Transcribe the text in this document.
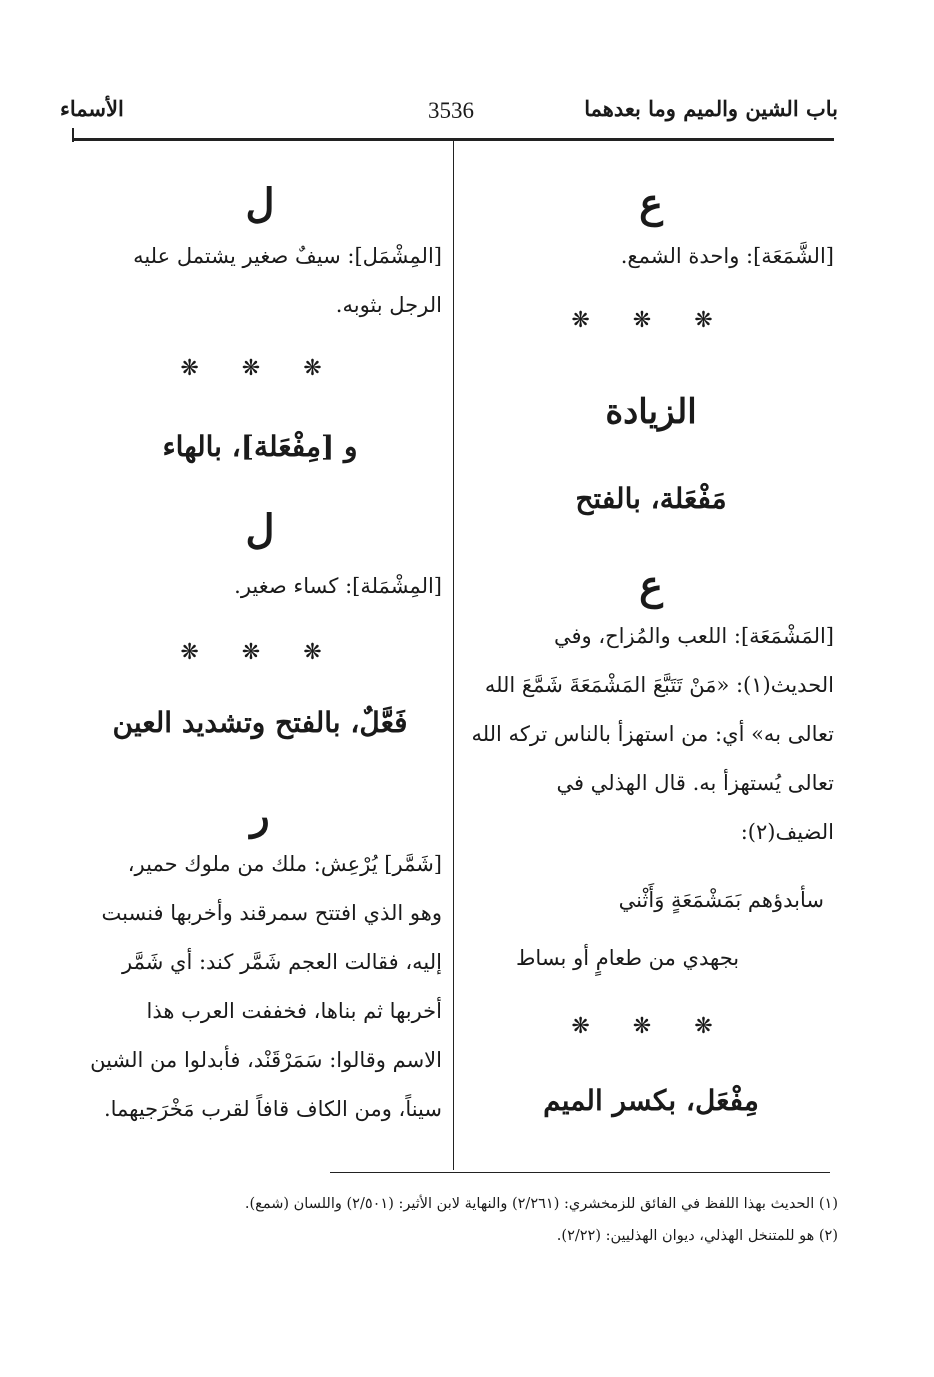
باب الشين والميم وما بعدهما
3536
الأسماء
ع
[الشَّمَعَة]: واحدة الشمع.
❋ ❋ ❋
الزيادة
مَفْعَلة، بالفتح
ع
[المَشْمَعَة]: اللعب والمُزاح، وفي
الحديث(١): «مَنْ تَتَبَّعَ المَشْمَعَةَ شَمَّعَ الله
تعالى به» أي: من استهزأ بالناس تركه الله
تعالى يُستهزأ به. قال الهذلي في
الضيف(٢):
سأبدؤهم بَمَشْمَعَةٍ وَأَثْني
بجهدي من طعامٍ أو بساط
❋ ❋ ❋
مِفْعَل، بكسر الميم
ل
[المِشْمَل]: سيفٌ صغير يشتمل عليه
الرجل بثوبه.
❋ ❋ ❋
و [مِفْعَلة]، بالهاء
ل
[المِشْمَلة]: كساء صغير.
❋ ❋ ❋
فَعَّلٌ، بالفتح وتشديد العين
ر
[شَمَّر] يُرْعِش: ملك من ملوك حمير،
وهو الذي افتتح سمرقند وأخربها فنسبت
إليه، فقالت العجم شَمَّر كند: أي شَمَّر
أخربها ثم بناها، فخففت العرب هذا
الاسم وقالوا: سَمَرْقَنْد، فأبدلوا من الشين
سيناً، ومن الكاف قافاً لقرب مَخْرَجيهما.
(١) الحديث بهذا اللفظ في الفائق للزمخشري: (٢/٢٦١) والنهاية لابن الأثير: (٢/٥٠١) واللسان (شمع).
(٢) هو للمتنخل الهذلي، ديوان الهذليين: (٢/٢٢).
